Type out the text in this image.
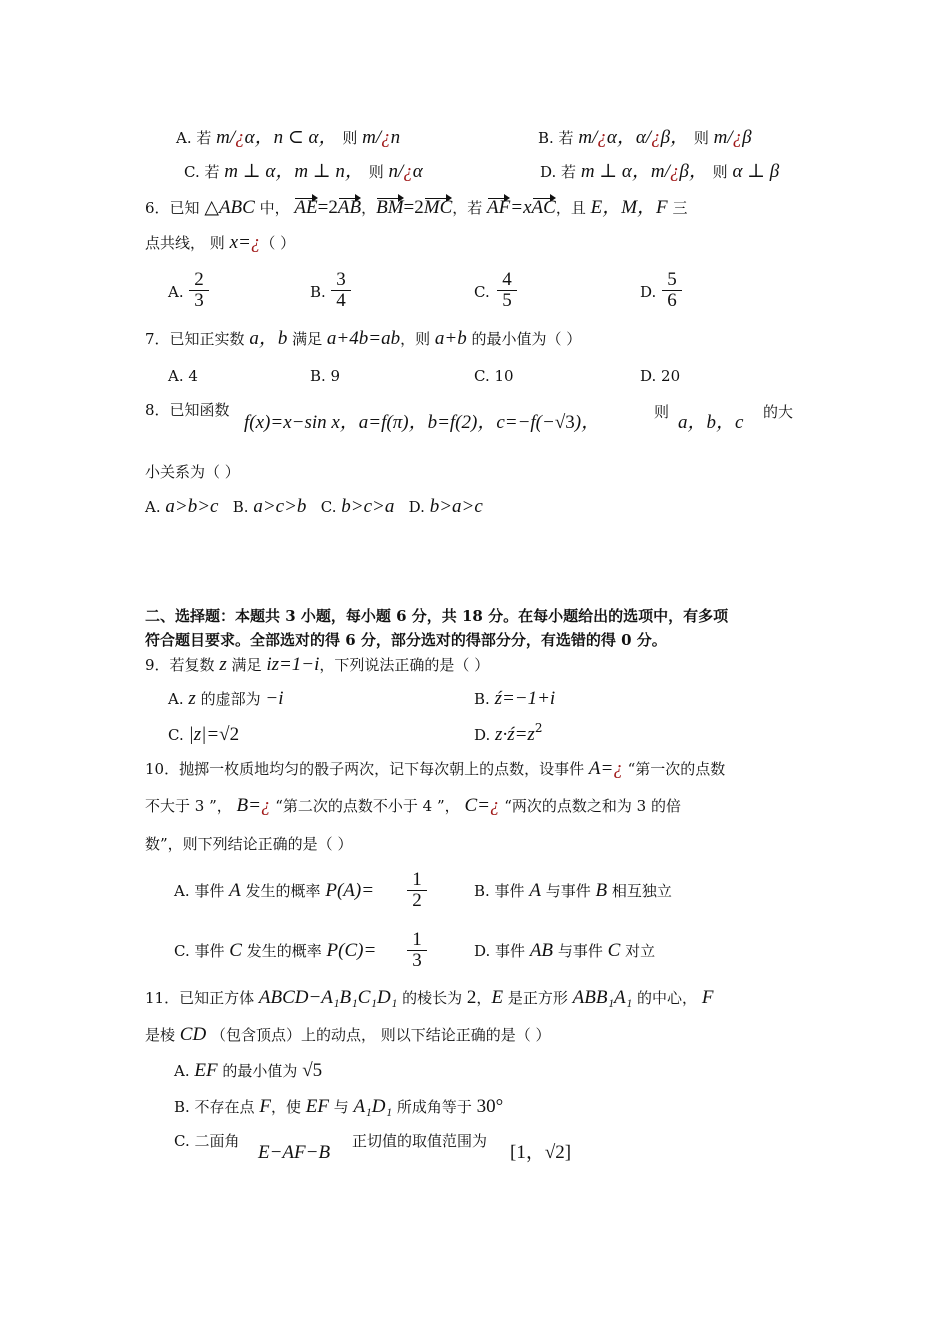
A. 若 m/¿α，n ⊂ α， 则 m/¿n	B. 若 m/¿α，α/¿β， 则 m/¿β
C. 若 m ⊥ α，m ⊥ n， 则 n/¿α	D. 若 m ⊥ α，m/¿β， 则 α ⊥ β
6．已知 △ABC 中， AE=2AB，BM=2MC，若 AF=xAC，且 E，M，F 三
点共线， 则 x=¿（ ）
A. $\frac{2}{3}$	B. $\frac{3}{4}$	C. $\frac{4}{5}$	D. $\frac{5}{6}$
7．已知正实数 a，b 满足 a+4b=ab，则 a+b 的最小值为（ ）
A. 4	B. 9	C. 10	D. 20
8．已知函数
f(x)=x−sin x，a=f(π)，b=f(2)，c=−f(−√3)，	则 a，b，c 的大
小关系为（ ）
A. a>b>c B. a>c>b C. b>c>a D. b>a>c
二、选择题：本题共 3 小题，每小题 6 分，共 18 分。在每小题给出的选项中，有多项
符合题目要求。全部选对的得 6 分，部分选对的得部分分，有选错的得 0 分。
9．若复数 z 满足 iz=1−i，下列说法正确的是（ ）
A. z 的虚部为 −i	B. ź=−1+i
C. |z|=√2	D. $z\cdot ź=z^2$
10．抛掷一枚质地均匀的骰子两次，记下每次朝上的点数，设事件 A=¿ “第一次的点数
不大于 3 ”， B=¿ “第二次的点数不小于 4 ”， C=¿ “两次的点数之和为 3 的倍
数”，则下列结论正确的是（ ）
A. 事件 A 发生的概率 $P(A)= \frac{1}{2}$	B. 事件 A 与事件 B 相互独立
C. 事件 C 发生的概率 $P(C)= \frac{1}{3}$	D. 事件 AB 与事件 C 对立
11．已知正方体 ABCD−A₁B₁C₁D₁ 的棱长为 2，E 是正方形 ABB₁A₁ 的中心， F
是棱 CD （包含顶点）上的动点， 则以下结论正确的是（ ）
A. EF 的最小值为 √5
B. 不存在点 F，使 EF 与 A₁D₁ 所成角等于 30°
C. 二面角
E−AF−B
正切值的取值范围为
[1，√2]
